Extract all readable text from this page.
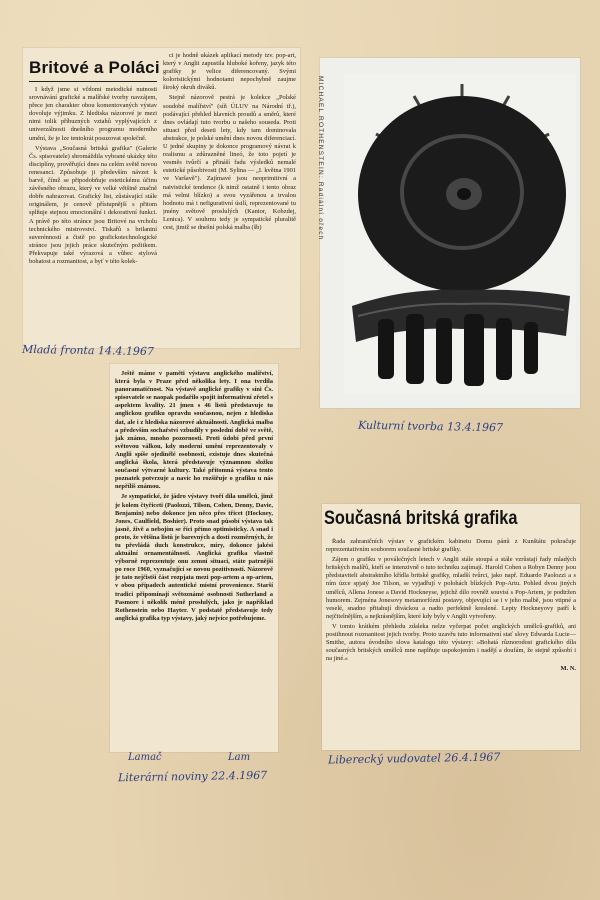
Britové a Poláci

I když jsme si včdomi metodické nutnosti srovnávání grafické a malířské tvorby navzájem, přece jen charakter obou komentovaných výstav dovoluje výjimku. Z hlediska názorové je mezi nimi tolik příbuzných vztahů vyplývajících z univerzálnosti dnešního programu moderního umění, že je lze tentokrát posuzovat společně.

Výstava „Současná britská grafika" (Galerie Čs. spisovatele) shromáždila vybrané ukázky této disciplíny, prověřující dnes na celém světě novou renesanci. Způsobuje ji především návzet k barvě, čímž se připodobňuje estetickému účinu závěsného obrazu, který ve velké většině značně dobře nahrazovat. Grafický list, zůstávající stále originálem, je cenově přístupnější s přitom splňuje stejnou emocionální i dekorativní funkci. A právě po této stránce jsou Britové na vrcholu technického mistrovství. Tiskařů s brilantní suverénností a čistě po grafickotechnologické stránce jsou jejich práce skutečným požitkem. Překvapuje také výrazová a vůbec stylová bohatost a rozmanitost, a byť v této kolek-

ci je hodně ukázek aplikací metody tzv. pop-art, který v Anglii zapustila hluboké kořeny, jazyk této grafiky je velice diferencovaný. Svými koloristickými hodnotami nepochybně zaujme široký okruh diváků.

Stejně názorově pestrá je kolekce „Polské soudobé malířství" (síň ÚLUV na Národní tř.), podávající přehled hlavních proudů a směrů, které dnes ovládají tuto tvorbu u našeho souseda. Proti situaci před deseti lety, kdy tam dominovala abstrakce, je polské umění dnes novou diferenciací. U jedné skupiny je dokonce programový návrat k realismu a zdůrazněné lineó, že toto pojetí je vesměs tvůrčí a přináší řadu výsledků nemalé estetické působivosti (M. Sylina — „I. května 1901 ve Varšavě"). Zajímavé jsou neoprimitivní a naivistické tendence (k nimž ostatně i tento obraz má velmi blízko) a svou vyzářenou a trvalou hodnotu má i nefigurativní úsilí, reprezentované tu jmény světově proslulých (Kantor, Kobzdej, Lenica). V souhrnu tedy je sympatické pluralitě cest, jimiž se dnešní polská malba (šb)

Mladá fronta 14.4.1967
MICHAEL ROTHENSTEIN: Radiální ořech
Kulturní tvorba 13.4.1967

Ještě máme v paměti výstavu anglického malířství, která byla v Praze před několika lety. I ona tvrdila panoramatičnost. Na výstavě anglické grafiky v síni Čs. spisovatele se naopak podařilo spojit informativní zřetel s aspektem kvality. 21 jmen s 46 listů představuje tu anglickou grafiku opravdu současnou, nejen z hlediska dat, ale i z hlediska názorové aktuálnosti. Anglická malba a především sochařství vzbudily v poslední době ve světě, jak známo, mnoho pozornosti. Proti údobí před první světovou válkou, kdy moderní umění reprezentovaly v Anglii spíše ojedinělé osobnosti, existuje dnes skutečná anglická škola, která představuje významnou složku současné výtvarné kultury. Také přítomná výstava tento poznatek potvrzuje a navíc ho rozšiřuje o grafiku u nás nepříliš známou.

Je sympatické, že jádro výstavy tvoří díla umělců, jimž je kolem čtyřiceti (Paolozzi, Tilson, Cohen, Denny, Davie, Benjamin) nebo dokonce jen něco přes třicet (Hockney, Jones, Caulfield, Boshier). Proto snad působí výstava tak jasně, živě a nebojím se říci přímo optimisticky. A snad i proto, že většina listů je barevných a dosti rozměrných, že tu převládá duch konstrukce, míry, dokonce jakési aktuální ornamentálnosti. Anglická grafika vlastně výborně reprezentuje onu zemní situaci, státe patrnější po roce 1960, vyznačující se novou pozitivností. Názorově je tato nejčistší část rozpjata mezi pop-artem a op-artem, v obou případech autentické místní provenience. Starší tradici připomínají světoznámé osobnosti Sutherland a Pasmore i několik méně proslulých, jako je například Rothenstein nebo Hayter. V podstatě představuje tedy anglická grafika typ výstavy, jaký nejvíce potřebujeme.

Lamač	Lam
Literární noviny 22.4.1967
Současná britská grafika

Řada zahraničních výstav v grafickém kabinetu Domu pánů z Kunštátu pokračuje reprezentativním souborem současné britské grafiky.

Zájem o grafiku v poválečných letech v Anglii stále stoupá a stále vzrůstají řady mladých britských malířů, kteří se intenzivně o tuto techniku zajímají. Harold Cohen a Robyn Denny jsou představiteli abstraktního křídla britské grafiky, mladší tvůrci, jako např. Eduardo Paolozzi a s ním úzce spjatý Joe Tilson, se vyjadřují v polohách blízkých Pop-Artu. Pohled dvou jiných umělců, Allena Jonese a David Hockneyse, jejichž dílo rovněž souvisí s Pop-Artem, je podtržen humorem. Zejména Jonesovy metamorfózní postavy, objevující se i v jeho malbě, jsou vtipné a veselé, snadno přitahují diváckou a nadto perfektně kreslené. Lepty Hockneyovy patří k nejčitelnějším, a nejkrásnějším, které kdy byly v Anglii vytvořeny.

V tomto krátkém přehledu zdaleka nelze vyčerpat počet anglických umělců-grafiků, ani postihnout rozmanitost jejich tvorby. Proto uzavřu tuto informativní stať slovy Edwarda Lucie—Smithe, autora úvodního slova katalogu této výstavy: »Bohatá různorodost grafického díla současných britských umělců mne naplňuje uspokojením i nadějí a doufám, že stejně způsobí i na jiné.«

M. N.
Liberecký vudovatel 26.4.1967
